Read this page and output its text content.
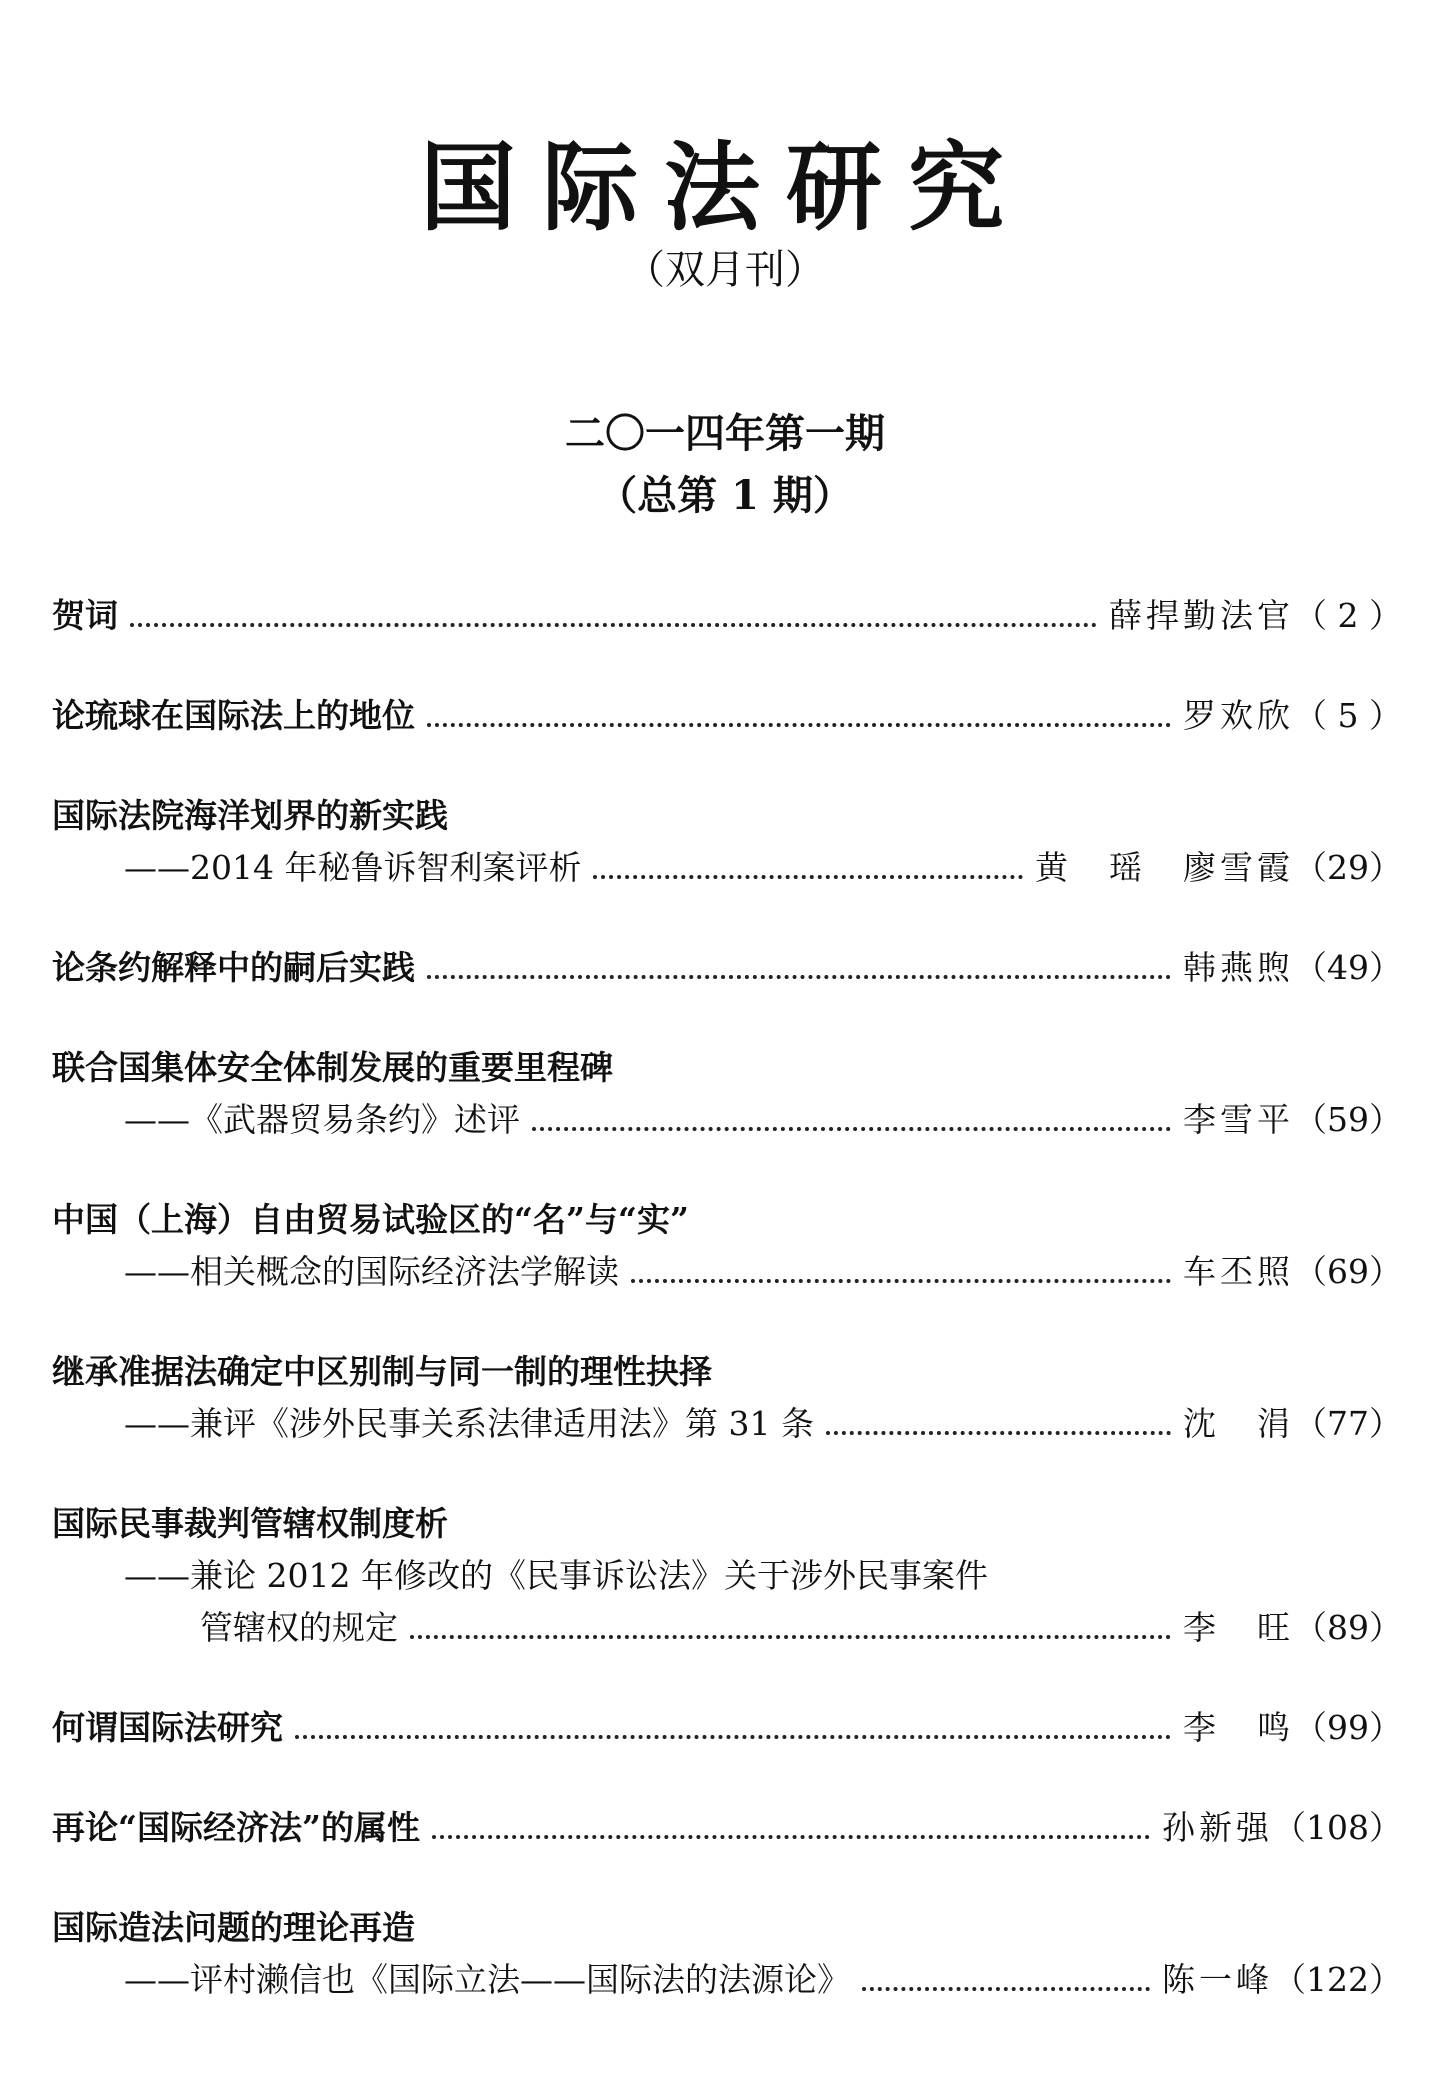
国际法研究
（双月刊）
二〇一四年第一期
（总第 1 期）
贺词	薛捍勤法官 （ 2 ）
论琉球在国际法上的地位	罗欢欣 （ 5 ）
国际法院海洋划界的新实践
——2014 年秘鲁诉智利案评析	黄　瑶　廖雪霞 （29）
论条约解释中的嗣后实践	韩燕煦 （49）
联合国集体安全体制发展的重要里程碑
——《武器贸易条约》述评	李雪平 （59）
中国（上海）自由贸易试验区的“名”与“实”
——相关概念的国际经济法学解读	车丕照 （69）
继承准据法确定中区别制与同一制的理性抉择
——兼评《涉外民事关系法律适用法》第 31 条	沈　涓 （77）
国际民事裁判管辖权制度析
——兼论 2012 年修改的《民事诉讼法》关于涉外民事案件
管辖权的规定	李　旺 （89）
何谓国际法研究	李　鸣 （99）
再论“国际经济法”的属性	孙新强 （108）
国际造法问题的理论再造
——评村濑信也《国际立法——国际法的法源论》	陈一峰 （122）
